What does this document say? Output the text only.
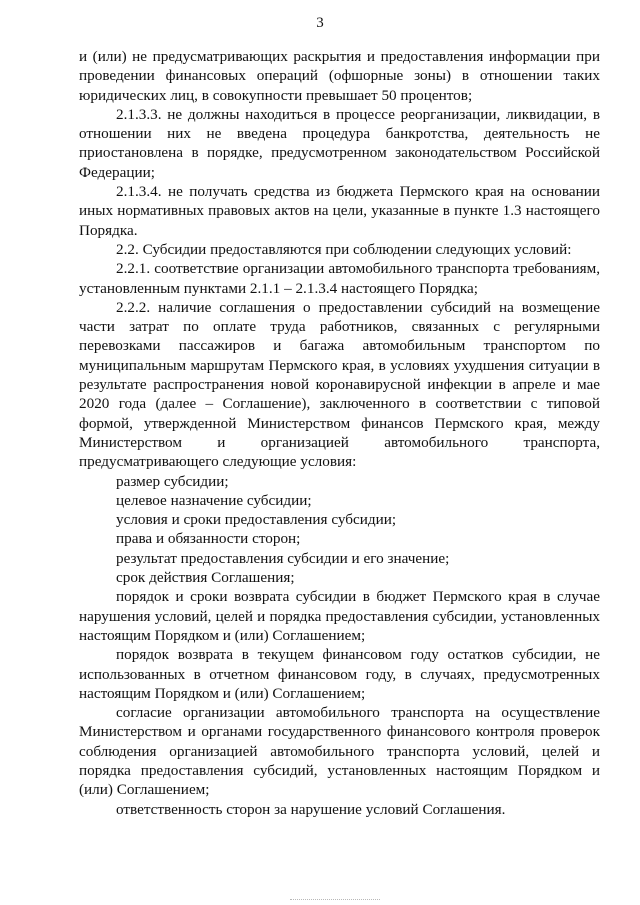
3

и (или) не предусматривающих раскрытия и предоставления информации при проведении финансовых операций (офшорные зоны) в отношении таких юридических лиц, в совокупности превышает 50 процентов;

2.1.3.3. не должны находиться в процессе реорганизации, ликвидации, в отношении них не введена процедура банкротства, деятельность не приостановлена в порядке, предусмотренном законодательством Российской Федерации;

2.1.3.4. не получать средства из бюджета Пермского края на основании иных нормативных правовых актов на цели, указанные в пункте 1.3 настоящего Порядка.

2.2. Субсидии предоставляются при соблюдении следующих условий:

2.2.1. соответствие организации автомобильного транспорта требованиям, установленным пунктами 2.1.1 – 2.1.3.4 настоящего Порядка;

2.2.2. наличие соглашения о предоставлении субсидий на возмещение части затрат по оплате труда работников, связанных с регулярными перевозками пассажиров и багажа автомобильным транспортом по муниципальным маршрутам Пермского края, в условиях ухудшения ситуации в результате распространения новой коронавирусной инфекции в апреле и мае 2020 года (далее – Соглашение), заключенного в соответствии с типовой формой, утвержденной Министерством финансов Пермского края, между Министерством и организацией автомобильного транспорта, предусматривающего следующие условия:

размер субсидии;

целевое назначение субсидии;

условия и сроки предоставления субсидии;

права и обязанности сторон;

результат предоставления субсидии и его значение;

срок действия Соглашения;

порядок и сроки возврата субсидии в бюджет Пермского края в случае нарушения условий, целей и порядка предоставления субсидии, установленных настоящим Порядком и (или) Соглашением;

порядок возврата в текущем финансовом году остатков субсидии, не использованных в отчетном финансовом году, в случаях, предусмотренных настоящим Порядком и (или) Соглашением;

согласие организации автомобильного транспорта на осуществление Министерством и органами государственного финансового контроля проверок соблюдения организацией автомобильного транспорта условий, целей и порядка предоставления субсидий, установленных настоящим Порядком и (или) Соглашением;

ответственность сторон за нарушение условий Соглашения.
